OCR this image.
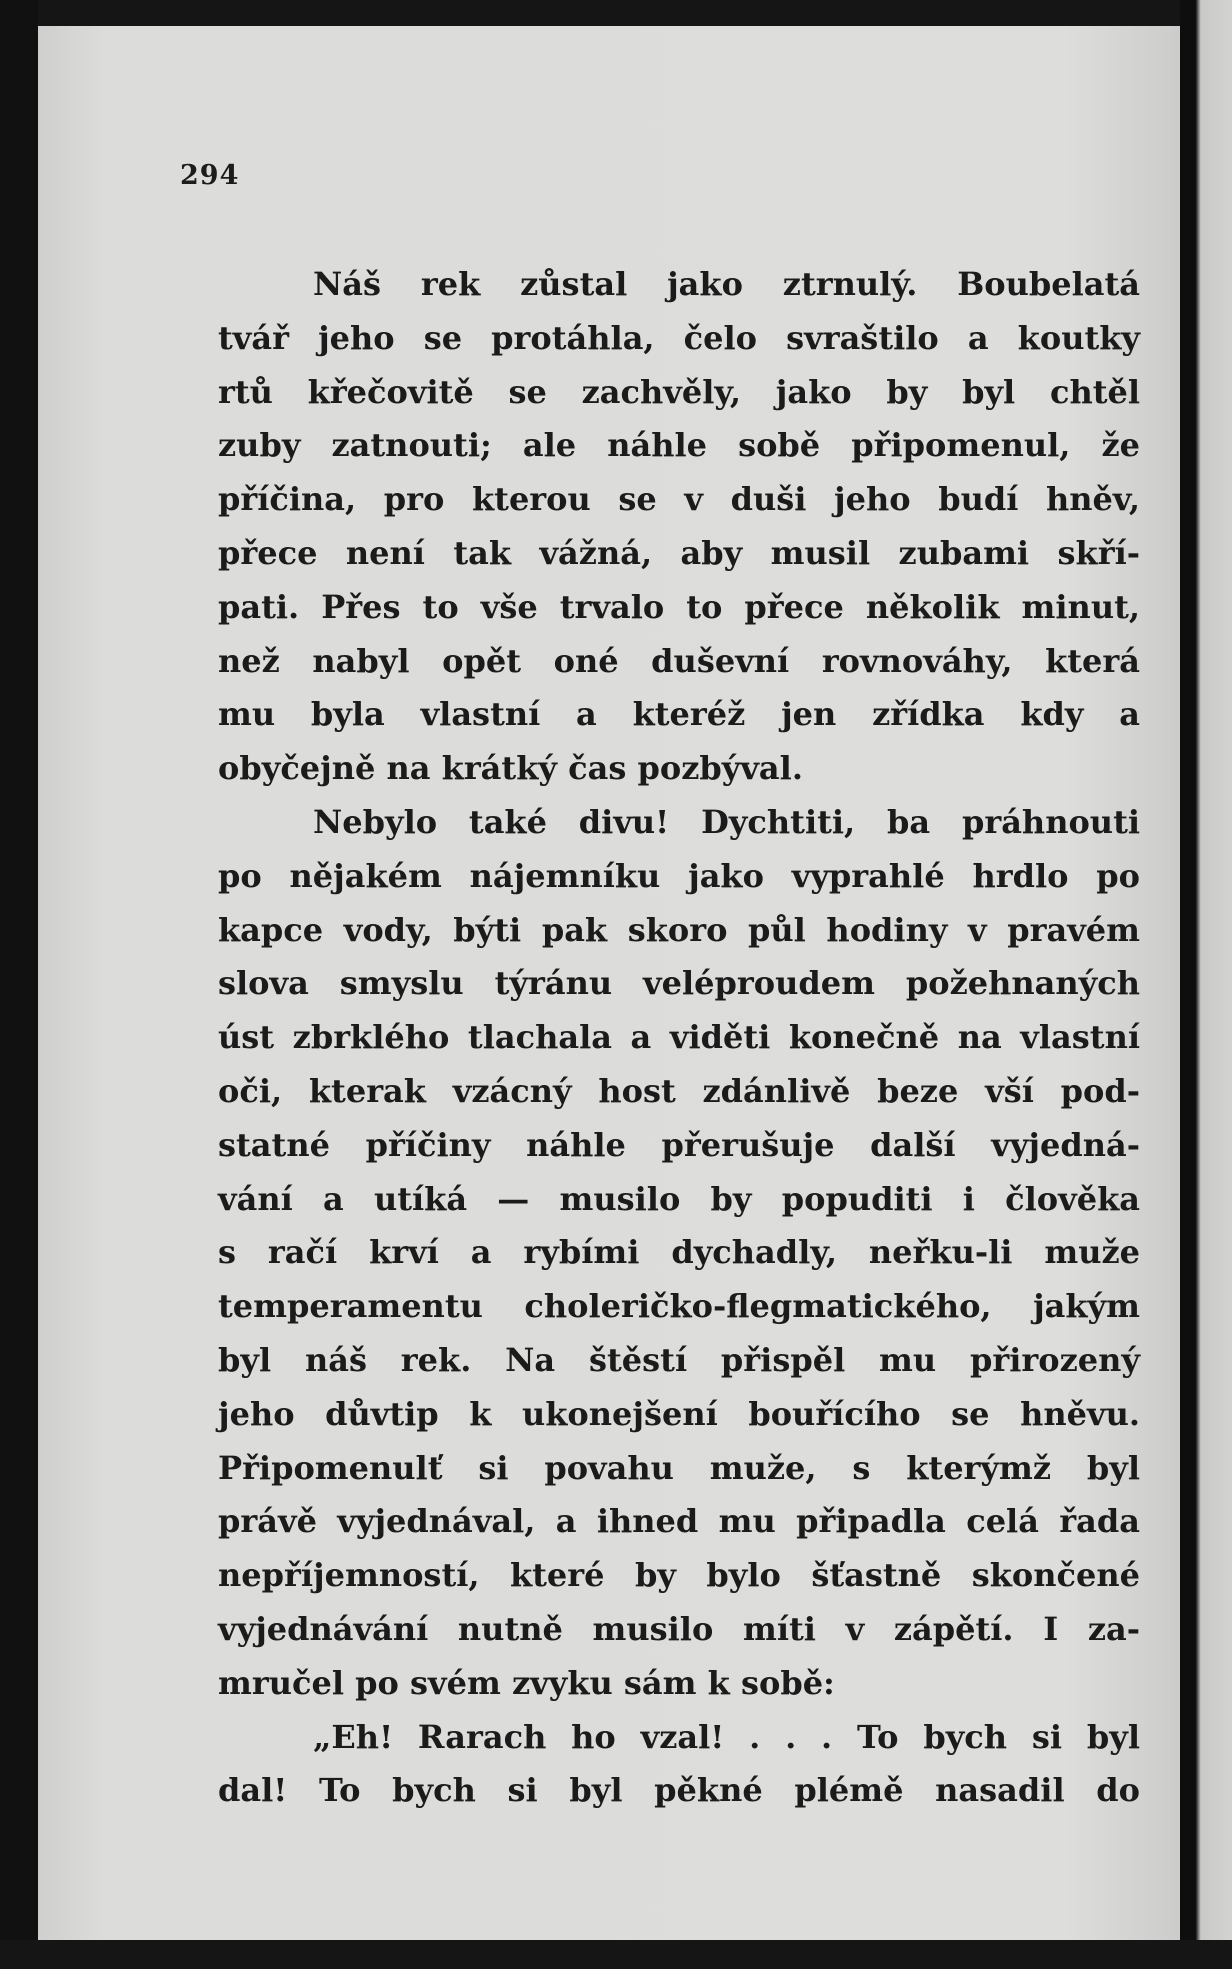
294
Náš rek zůstal jako ztrnulý. Boubelatá
tvář jeho se protáhla, čelo svraštilo a koutky
rtů křečovitě se zachvěly, jako by byl chtěl
zuby zatnouti; ale náhle sobě připomenul, že
příčina, pro kterou se v duši jeho budí hněv,
přece není tak vážná, aby musil zubami skří-
pati. Přes to vše trvalo to přece několik minut,
než nabyl opět oné duševní rovnováhy, která
mu byla vlastní a kteréž jen zřídka kdy a
obyčejně na krátký čas pozbýval.
Nebylo také divu! Dychtiti, ba práhnouti
po nějakém nájemníku jako vyprahlé hrdlo po
kapce vody, býti pak skoro půl hodiny v pravém
slova smyslu týránu veléproudem požehnaných
úst zbrklého tlachala a viděti konečně na vlastní
oči, kterak vzácný host zdánlivě beze vší pod-
statné příčiny náhle přerušuje další vyjedná-
vání a utíká — musilo by popuditi i člověka
s račí krví a rybími dychadly, neřku-li muže
temperamentu choleričko-flegmatického, jakým
byl náš rek. Na štěstí přispěl mu přirozený
jeho důvtip k ukonejšení bouřícího se hněvu.
Připomenulť si povahu muže, s kterýmž byl
právě vyjednával, a ihned mu připadla celá řada
nepříjemností, které by bylo šťastně skončené
vyjednávání nutně musilo míti v zápětí. I za-
mručel po svém zvyku sám k sobě:
„Eh! Rarach ho vzal! . . . To bych si byl
dal! To bych si byl pěkné plémě nasadil do
